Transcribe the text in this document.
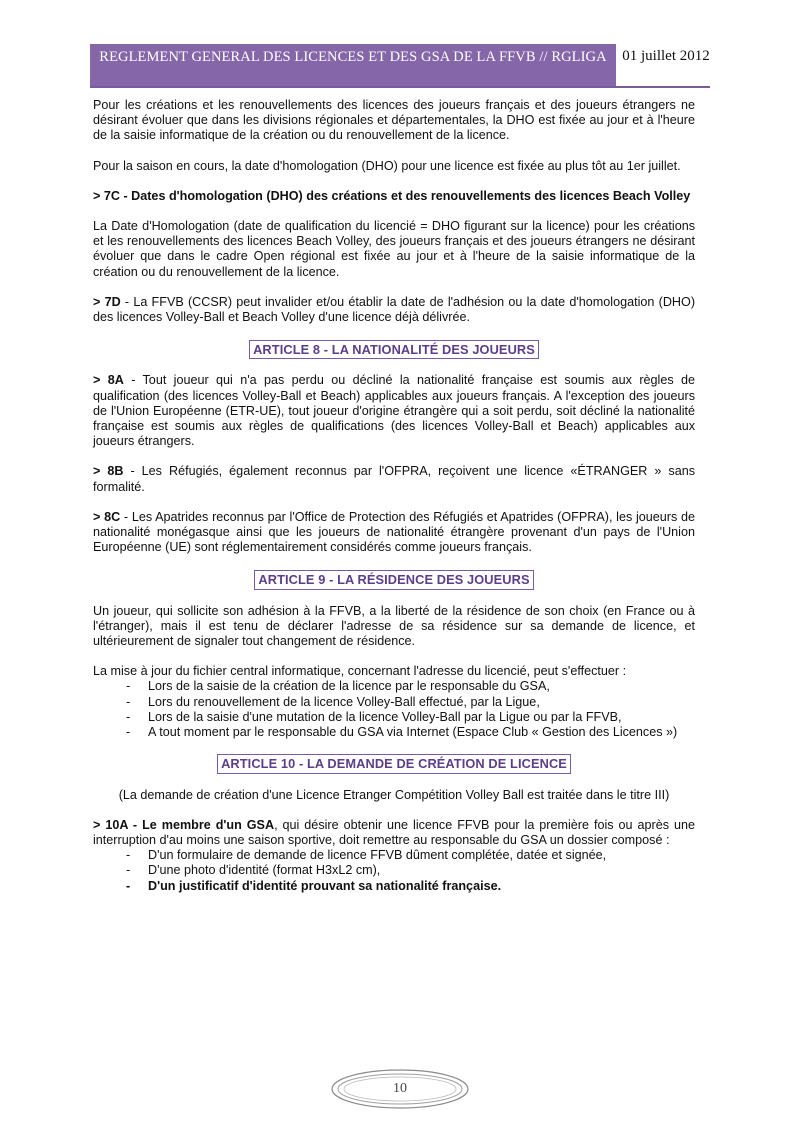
REGLEMENT GENERAL DES LICENCES ET DES GSA DE LA FFVB // RGLIGA	01 juillet 2012

Pour les créations et les renouvellements des licences des joueurs français et des joueurs étrangers ne désirant évoluer que dans les divisions régionales et départementales, la DHO est fixée au jour et à l'heure de la saisie informatique de la création ou du renouvellement de la licence.

Pour la saison en cours, la date d'homologation (DHO) pour une licence est fixée au plus tôt au 1er juillet.

> 7C - Dates d'homologation (DHO) des créations et des renouvellements des licences Beach Volley

La Date d'Homologation (date de qualification du licencié = DHO figurant sur la licence) pour les créations et les renouvellements des licences Beach Volley, des joueurs français et des joueurs étrangers ne désirant évoluer que dans le cadre Open régional est fixée au jour et à l'heure de la saisie informatique de la création ou du renouvellement de la licence.

> 7D - La FFVB (CCSR) peut invalider et/ou établir la date de l'adhésion ou la date d'homologation (DHO) des licences Volley-Ball et Beach Volley d'une licence déjà délivrée.

ARTICLE 8 - LA NATIONALITÉ DES JOUEURS

> 8A - Tout joueur qui n'a pas perdu ou décliné la nationalité française est soumis aux règles de qualification (des licences Volley-Ball et Beach) applicables aux joueurs français. A l'exception des joueurs de l'Union Européenne (ETR-UE), tout joueur d'origine étrangère qui a soit perdu, soit décliné la nationalité française est soumis aux règles de qualifications (des licences Volley-Ball et Beach) applicables aux joueurs étrangers.

> 8B - Les Réfugiés, également reconnus par l'OFPRA, reçoivent une licence «ÉTRANGER » sans formalité.

> 8C - Les Apatrides reconnus par l'Office de Protection des Réfugiés et Apatrides (OFPRA), les joueurs de nationalité monégasque ainsi que les joueurs de nationalité étrangère provenant d'un pays de l'Union Européenne (UE) sont réglementairement considérés comme joueurs français.

ARTICLE 9 - LA RÉSIDENCE DES JOUEURS

Un joueur, qui sollicite son adhésion à la FFVB, a la liberté de la résidence de son choix (en France ou à l'étranger), mais il est tenu de déclarer l'adresse de sa résidence sur sa demande de licence, et ultérieurement de signaler tout changement de résidence.

La mise à jour du fichier central informatique, concernant l'adresse du licencié, peut s'effectuer :

- Lors de la saisie de la création de la licence par le responsable du GSA,
- Lors du renouvellement de la licence Volley-Ball effectué, par la Ligue,
- Lors de la saisie d'une mutation de la licence Volley-Ball par la Ligue ou par la FFVB,
- A tout moment par le responsable du GSA via Internet (Espace Club « Gestion des Licences »)
ARTICLE 10 - LA DEMANDE DE CRÉATION DE LICENCE

(La demande de création d'une Licence Etranger Compétition Volley Ball est traitée dans le titre III)

> 10A - Le membre d'un GSA, qui désire obtenir une licence FFVB pour la première fois ou après une interruption d'au moins une saison sportive, doit remettre au responsable du GSA un dossier composé :

- D'un formulaire de demande de licence FFVB dûment complétée, datée et signée,
- D'une photo d'identité (format H3xL2 cm),
- D'un justificatif d'identité prouvant sa nationalité française.
10
